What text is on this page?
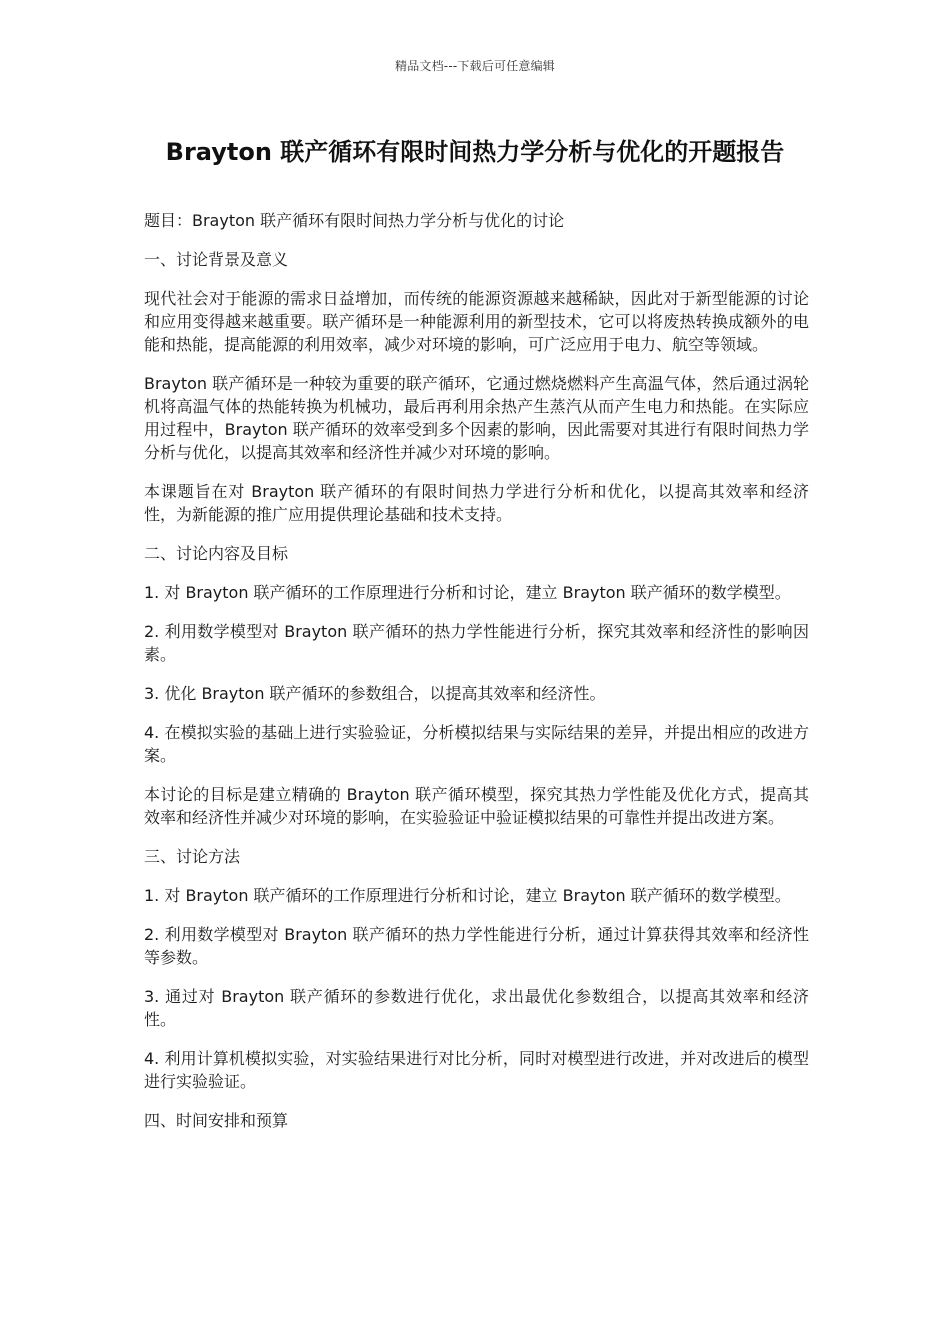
精品文档---下载后可任意编辑
Brayton 联产循环有限时间热力学分析与优化的开题报告

题目：Brayton 联产循环有限时间热力学分析与优化的讨论

一、讨论背景及意义

现代社会对于能源的需求日益增加，而传统的能源资源越来越稀缺，因此对于新型能源的讨论和应用变得越来越重要。联产循环是一种能源利用的新型技术，它可以将废热转换成额外的电能和热能，提高能源的利用效率，减少对环境的影响，可广泛应用于电力、航空等领域。

Brayton 联产循环是一种较为重要的联产循环，它通过燃烧燃料产生高温气体，然后通过涡轮机将高温气体的热能转换为机械功，最后再利用余热产生蒸汽从而产生电力和热能。在实际应用过程中，Brayton 联产循环的效率受到多个因素的影响，因此需要对其进行有限时间热力学分析与优化，以提高其效率和经济性并减少对环境的影响。

本课题旨在对 Brayton 联产循环的有限时间热力学进行分析和优化，以提高其效率和经济性，为新能源的推广应用提供理论基础和技术支持。

二、讨论内容及目标

1. 对 Brayton 联产循环的工作原理进行分析和讨论，建立 Brayton 联产循环的数学模型。

2. 利用数学模型对 Brayton 联产循环的热力学性能进行分析，探究其效率和经济性的影响因素。

3. 优化 Brayton 联产循环的参数组合，以提高其效率和经济性。

4. 在模拟实验的基础上进行实验验证，分析模拟结果与实际结果的差异，并提出相应的改进方案。

本讨论的目标是建立精确的 Brayton 联产循环模型，探究其热力学性能及优化方式，提高其效率和经济性并减少对环境的影响，在实验验证中验证模拟结果的可靠性并提出改进方案。

三、讨论方法

1. 对 Brayton 联产循环的工作原理进行分析和讨论，建立 Brayton 联产循环的数学模型。

2. 利用数学模型对 Brayton 联产循环的热力学性能进行分析，通过计算获得其效率和经济性等参数。

3. 通过对 Brayton 联产循环的参数进行优化，求出最优化参数组合，以提高其效率和经济性。

4. 利用计算机模拟实验，对实验结果进行对比分析，同时对模型进行改进，并对改进后的模型进行实验验证。

四、时间安排和预算
